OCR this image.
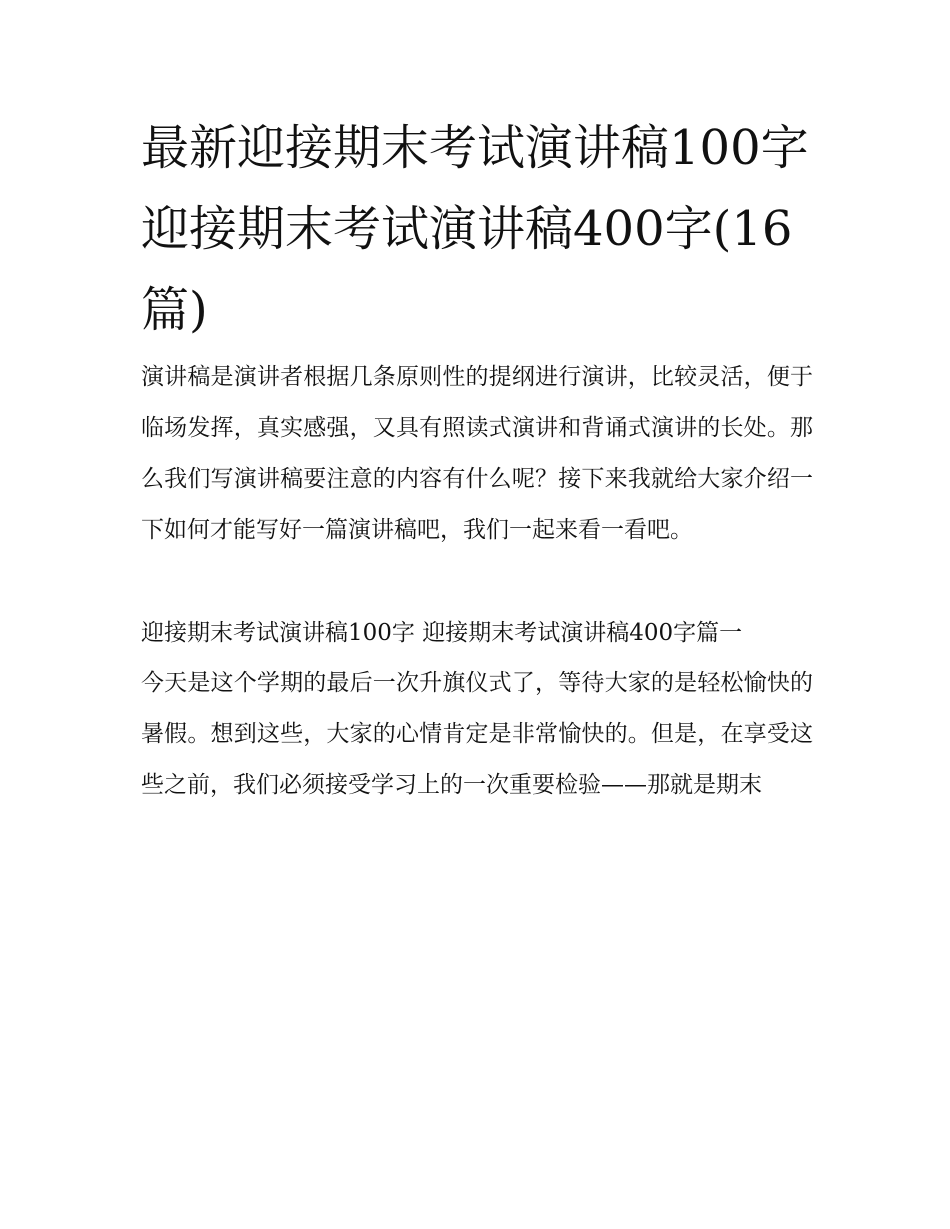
最新迎接期末考试演讲稿100字 迎接期末考试演讲稿400字(16篇)

演讲稿是演讲者根据几条原则性的提纲进行演讲，比较灵活，便于临场发挥，真实感强，又具有照读式演讲和背诵式演讲的长处。那么我们写演讲稿要注意的内容有什么呢？接下来我就给大家介绍一下如何才能写好一篇演讲稿吧，我们一起来看一看吧。

迎接期末考试演讲稿100字 迎接期末考试演讲稿400字篇一

今天是这个学期的最后一次升旗仪式了，等待大家的是轻松愉快的暑假。想到这些，大家的心情肯定是非常愉快的。但是，在享受这些之前，我们必须接受学习上的一次重要检验——那就是期末
